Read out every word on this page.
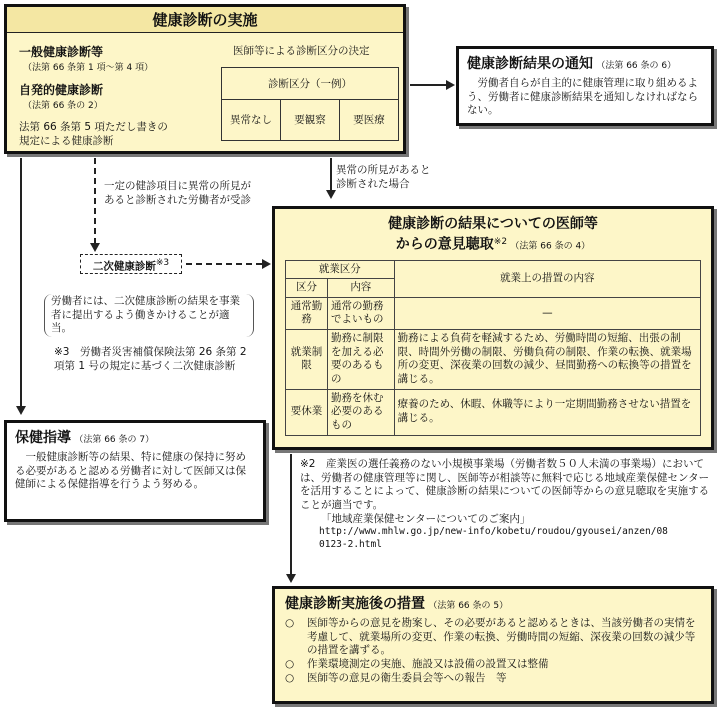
健康診断の実施
一般健康診断等
（法第 66 条第 1 項～第 4 項）
自発的健康診断
（法第 66 条の 2）
法第 66 条第 5 項ただし書きの
規定による健康診断
医師等による診断区分の決定
診断区分（一例）
異常なし	要観察	要医療
健康診断結果の通知 （法第 66 条の 6）
労働者自らが自主的に健康管理に取り組めるよう、労働者に健康診断結果を通知しなければならない。
一定の健診項目に異常の所見があると診断された労働者が受診
異常の所見があると
診断された場合
二次健康診断$^{※3}$
労働者には、二次健康診断の結果を事業者に提出するよう働きかけることが適当。
※3　労働者災害補償保険法第 26 条第 2 項第 1 号の規定に基づく二次健康診断
健康診断の結果についての医師等
からの意見聴取$^{※2}$ （法第 66 条の 4）
就業区分		就業上の措置の内容
区分	内容	
通常勤務	通常の勤務でよいもの	—
就業制限	勤務に制限を加える必要のあるもの	勤務による負荷を軽減するため、労働時間の短縮、出張の制限、時間外労働の制限、労働負荷の制限、作業の転換、就業場所の変更、深夜業の回数の減少、昼間勤務への転換等の措置を講じる。
要休業	勤務を休む必要のあるもの	療養のため、休暇、休職等により一定期間勤務させない措置を講じる。
保健指導 （法第 66 条の 7）
一般健康診断等の結果、特に健康の保持に努める必要があると認める労働者に対して医師又は保健師による保健指導を行うよう努める。
※2　産業医の選任義務のない小規模事業場（労働者数５０人未満の事業場）においては、労働者の健康管理等に関し、医師等が相談等に無料で応じる地域産業保健センターを活用することによって、健康診断の結果についての医師等からの意見聴取を実施することが適当です。
「地域産業保健センターについてのご案内」
http://www.mhlw.go.jp/new-info/kobetu/roudou/gyousei/anzen/08
0123-2.html
健康診断実施後の措置 （法第 66 条の 5）
○	医師等からの意見を勘案し、その必要があると認めるときは、当該労働者の実情を考慮して、就業場所の変更、作業の転換、労働時間の短縮、深夜業の回数の減少等の措置を講ずる。
○	作業環境測定の実施、施設又は設備の設置又は整備
○	医師等の意見の衛生委員会等への報告　等
